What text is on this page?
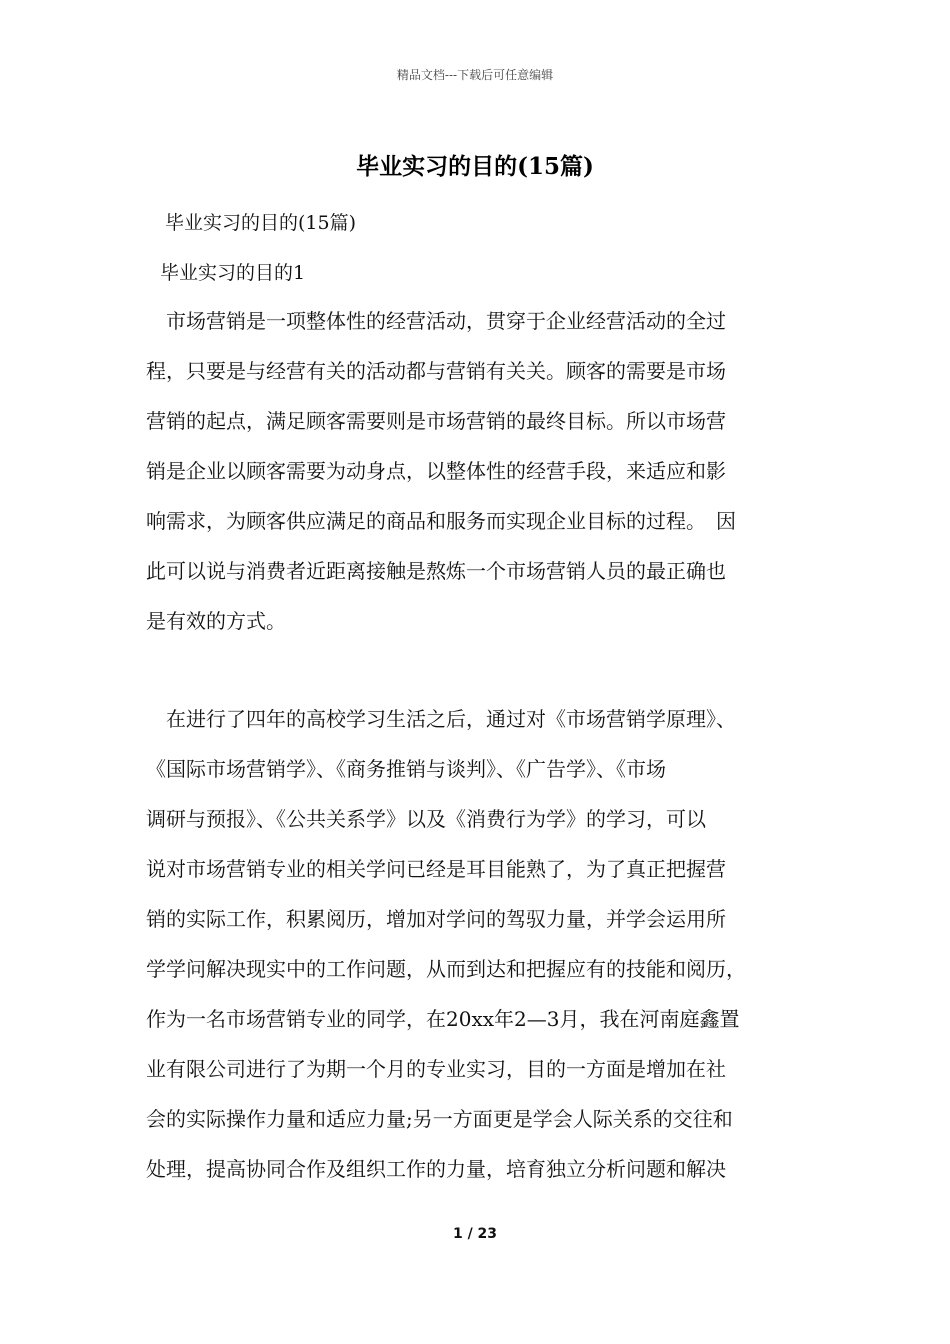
精品文档---下载后可任意编辑
毕业实习的目的(15篇)
毕业实习的目的(15篇)
毕业实习的目的1
　市场营销是一项整体性的经营活动，贯穿于企业经营活动的全过
程，只要是与经营有关的活动都与营销有关关。顾客的需要是市场
营销的起点，满足顾客需要则是市场营销的最终目标。所以市场营
销是企业以顾客需要为动身点，以整体性的经营手段，来适应和影
响需求，为顾客供应满足的商品和服务而实现企业目标的过程。　因
此可以说与消费者近距离接触是熬炼一个市场营销人员的最正确也
是有效的方式。
　在进行了四年的高校学习生活之后，通过对《市场营销学原理》、
《国际市场营销学》、《商务推销与谈判》、《广告学》、《市场
调研与预报》、《公共关系学》以及《消费行为学》的学习，可以
说对市场营销专业的相关学问已经是耳目能熟了，为了真正把握营
销的实际工作，积累阅历，增加对学问的驾驭力量，并学会运用所
学学问解决现实中的工作问题，从而到达和把握应有的技能和阅历，
作为一名市场营销专业的同学，在20xx年2—3月，我在河南庭鑫置
业有限公司进行了为期一个月的专业实习，目的一方面是增加在社
会的实际操作力量和适应力量;另一方面更是学会人际关系的交往和
处理，提高协同合作及组织工作的力量，培育独立分析问题和解决
1 / 23
